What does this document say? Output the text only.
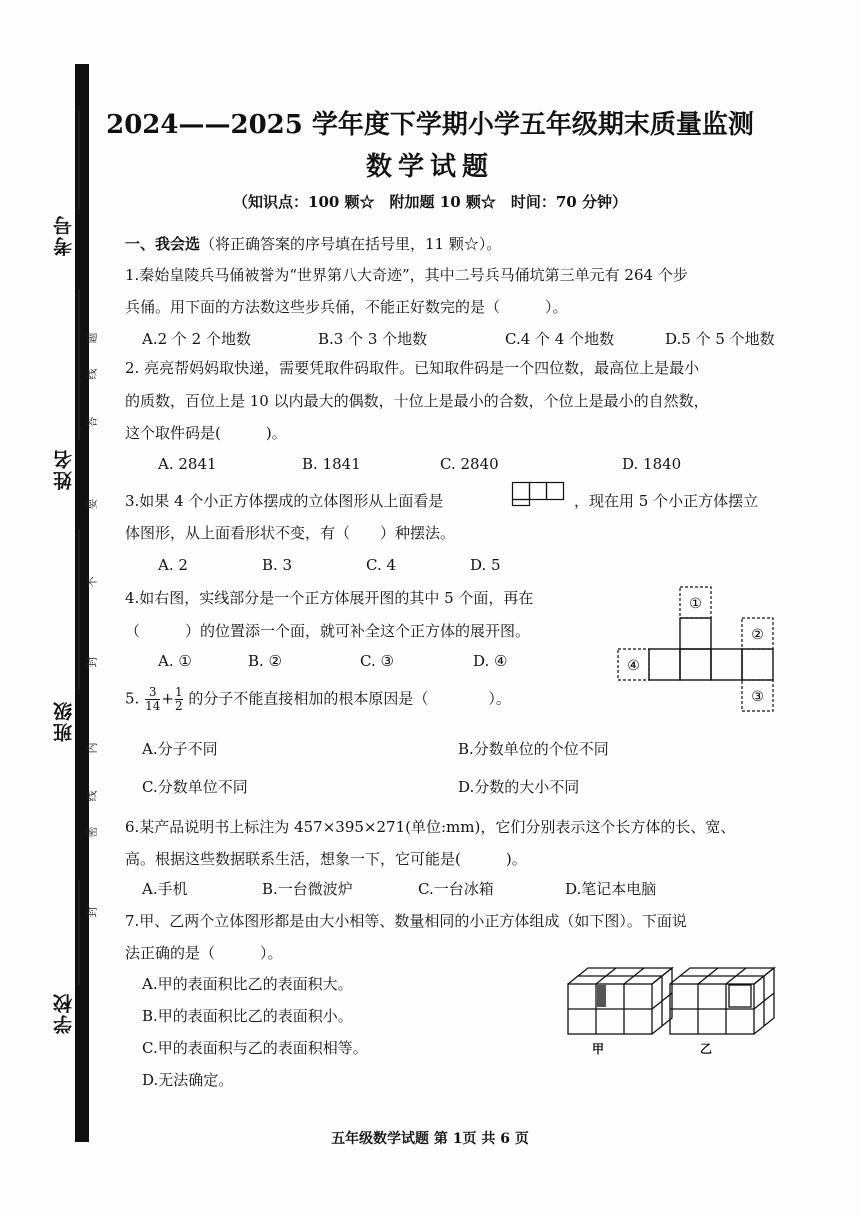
考号
姓名
班级
学校
题
线
答
要
不
封
内
线
密
封
2024——2025 学年度下学期小学五年级期末质量监测
数学试题
（知识点：100 颗☆　附加题 10 颗☆　时间：70 分钟）
一、我会选（将正确答案的序号填在括号里，11 颗☆）。
1.秦始皇陵兵马俑被誉为“世界第八大奇迹”，其中二号兵马俑坑第三单元有 264 个步
兵俑。用下面的方法数这些步兵俑，不能正好数完的是（　　　）。
A.2 个 2 个地数	B.3 个 3 个地数	C.4 个 4 个地数	D.5 个 5 个地数
2. 亮亮帮妈妈取快递，需要凭取件码取件。已知取件码是一个四位数，最高位上是最小
的质数，百位上是 10 以内最大的偶数，十位上是最小的合数，个位上是最小的自然数，
这个取件码是(　　　)。
A. 2841	B. 1841	C. 2840	D. 1840
3.如果 4 个小正方体摆成的立体图形从上面看是	，现在用 5 个小正方体摆立
体图形，从上面看形状不变，有（　　）种摆法。
A. 2	B. 3	C. 4	D. 5
4.如右图，实线部分是一个正方体展开图的其中 5 个面，再在
（　　　）的位置添一个面，就可补全这个正方体的展开图。
A. ①	B. ②	C. ③	D. ④
①
②
③
④
5. $\frac{3}{14} + \frac{1}{2}$ 的分子不能直接相加的根本原因是（　　　　）。
A.分子不同	B.分数单位的个位不同
C.分数单位不同	D.分数的大小不同
6.某产品说明书上标注为 457×395×271(单位:mm)，它们分别表示这个长方体的长、宽、
高。根据这些数据联系生活，想象一下，它可能是(　　　)。
A.手机	B.一台微波炉	C.一台冰箱	D.笔记本电脑
7.甲、乙两个立体图形都是由大小相等、数量相同的小正方体组成（如下图）。下面说
法正确的是（　　　）。
A.甲的表面积比乙的表面积大。
B.甲的表面积比乙的表面积小。
C.甲的表面积与乙的表面积相等。
D.无法确定。
甲	乙
五年级数学试题 第 1页 共 6 页
